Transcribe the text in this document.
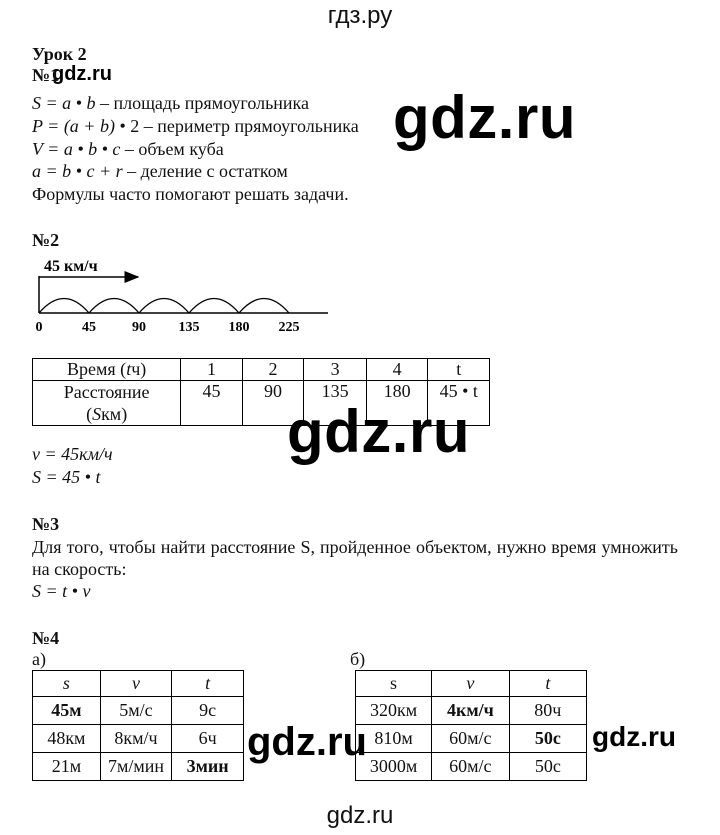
гдз.ру
gdz.ru
gdz.ru
gdz.ru	gdz.ru
gdz.ru
Урок 2
№1
S = a • b – площадь прямоугольника
P = (a + b) • 2 – периметр прямоугольника
V = a • b • c – объем куба
a = b • c + r – деление с остатком
Формулы часто помогают решать задачи.
№2
45 км/ч
0	45	90 135 180 225
Время (tч)	1	2	3	4	t
Расстояние
(Sкм)	45	90	135	180	45 • t
v = 45км/ч
S = 45 • t
№3
Для того, чтобы найти расстояние S, пройденное объектом, нужно время умножить на скорость:
S = t • v
№4
а)	б)
s	v	t
45м	5м/с	9с
48км	8км/ч	6ч
21м	7м/мин	3мин
s	v	t
320км	4км/ч	80ч
810м	60м/с	50с
3000м	60м/с	50с
gdz.ru
